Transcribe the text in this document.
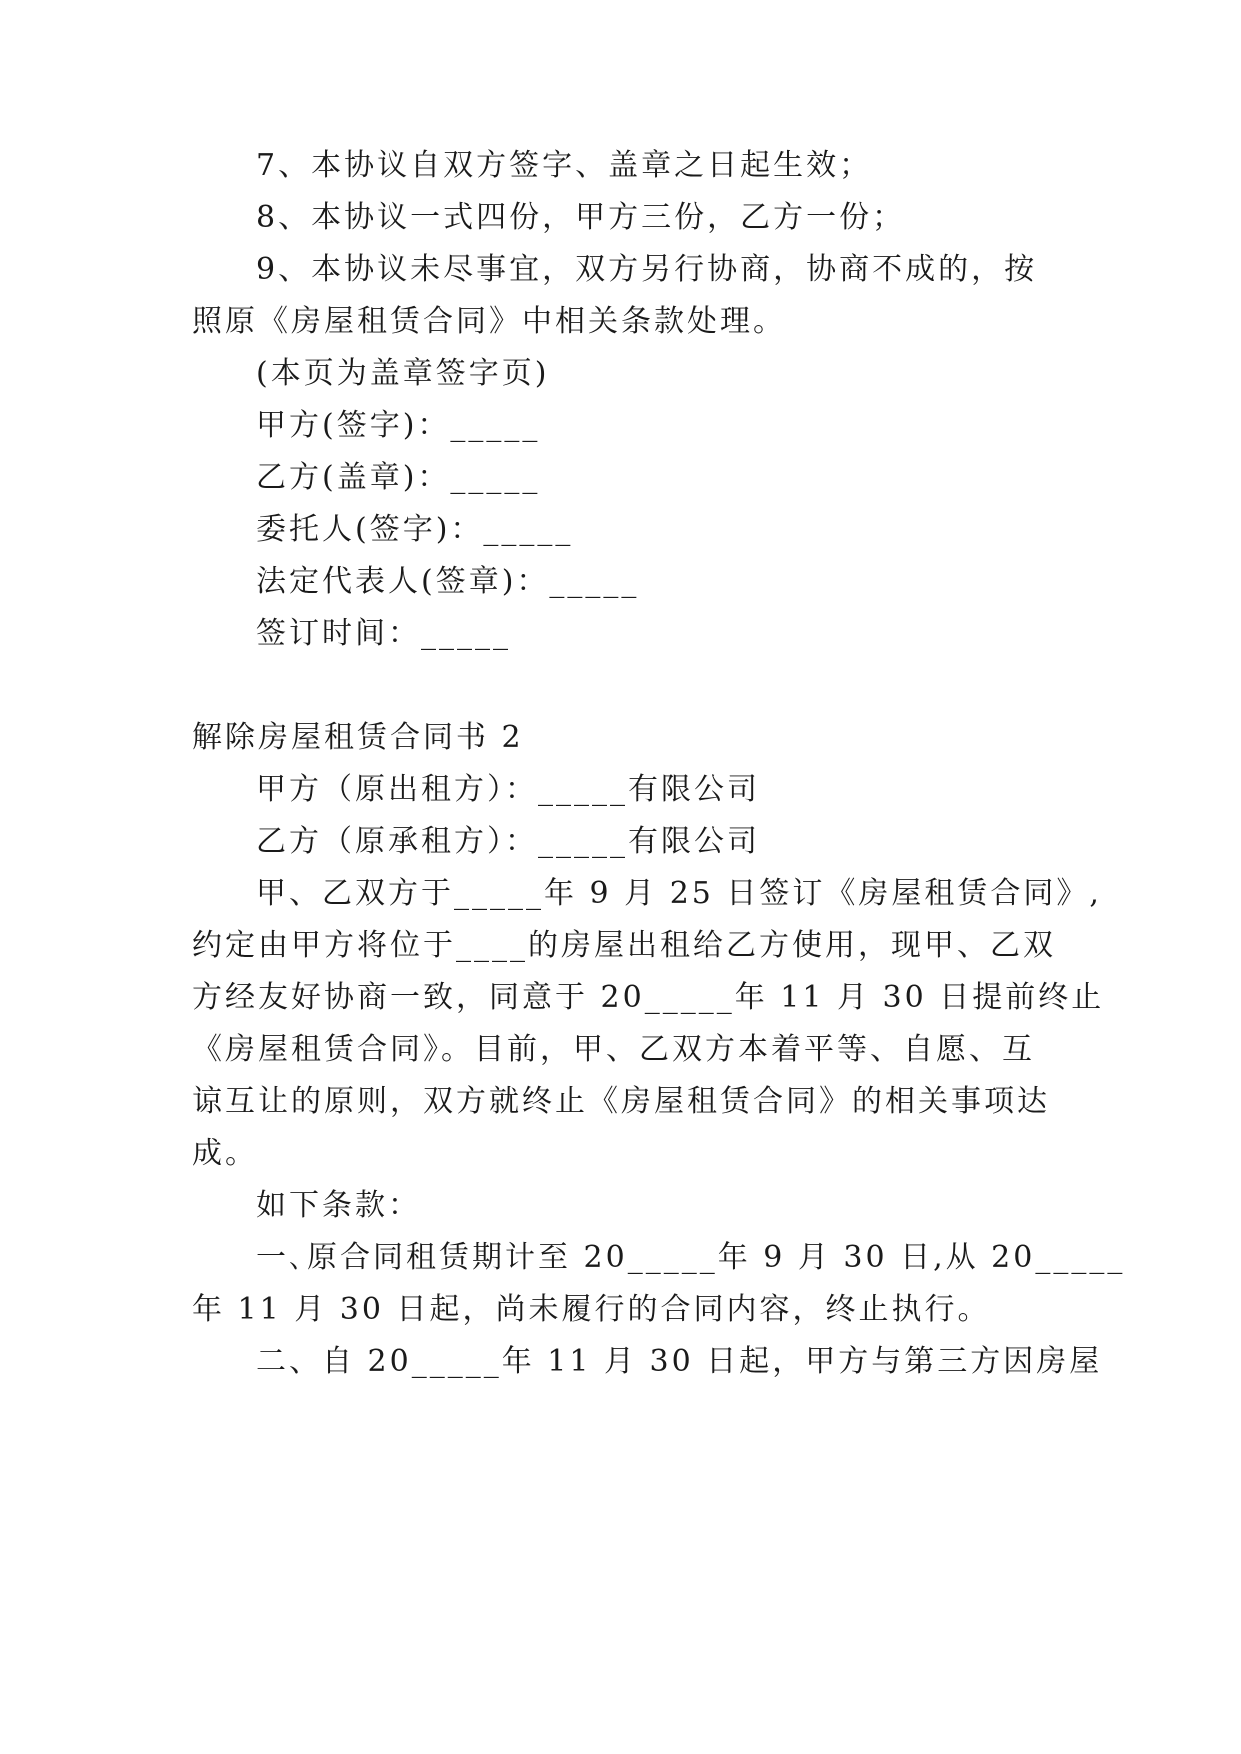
7、本协议自双方签字、盖章之日起生效；
8、本协议一式四份，甲方三份，乙方一份；
9、本协议未尽事宜，双方另行协商，协商不成的，按
照原《房屋租赁合同》中相关条款处理。
(本页为盖章签字页)
甲方(签字)：_____
乙方(盖章)：_____
委托人(签字)：_____
法定代表人(签章)：_____
签订时间：_____
解除房屋租赁合同书 2
甲方（原出租方）：_____有限公司
乙方（原承租方）：_____有限公司
甲、乙双方于_____年 9 月 25 日签订《房屋租赁合同》,
约定由甲方将位于____的房屋出租给乙方使用，现甲、乙双
方经友好协商一致，同意于 20_____年 11 月 30 日提前终止
《房屋租赁合同》。目前，甲、乙双方本着平等、自愿、互
谅互让的原则，双方就终止《房屋租赁合同》的相关事项达
成。
如下条款：
一､原合同租赁期计至 20_____年 9 月 30 日,从 20_____
年 11 月 30 日起，尚未履行的合同内容，终止执行。
二、自 20_____年 11 月 30 日起，甲方与第三方因房屋
